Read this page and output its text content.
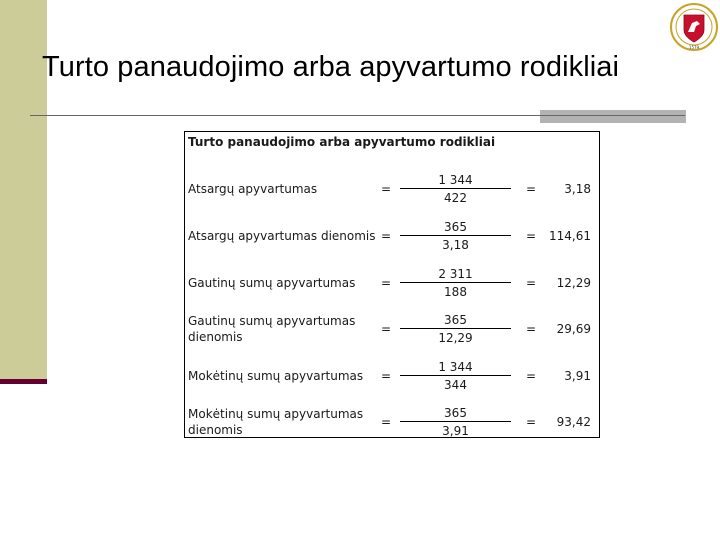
Turto panaudojimo arba apyvartumo rodikliai
1579
Turto panaudojimo arba apyvartumo rodikliai
Atsargų apyvartumas	=
1 344
422
= 3,18
Atsargų apyvartumas dienomis =
365
3,18
= 114,61
Gautinų sumų apyvartumas =
2 311
188
= 12,29
Gautinų sumų apyvartumas
dienomis
=
365
12,29
= 29,69
Mokėtinų sumų apyvartumas =
1 344
344
= 3,91
Mokėtinų sumų apyvartumas
dienomis
=
365
3,91
= 93,42
